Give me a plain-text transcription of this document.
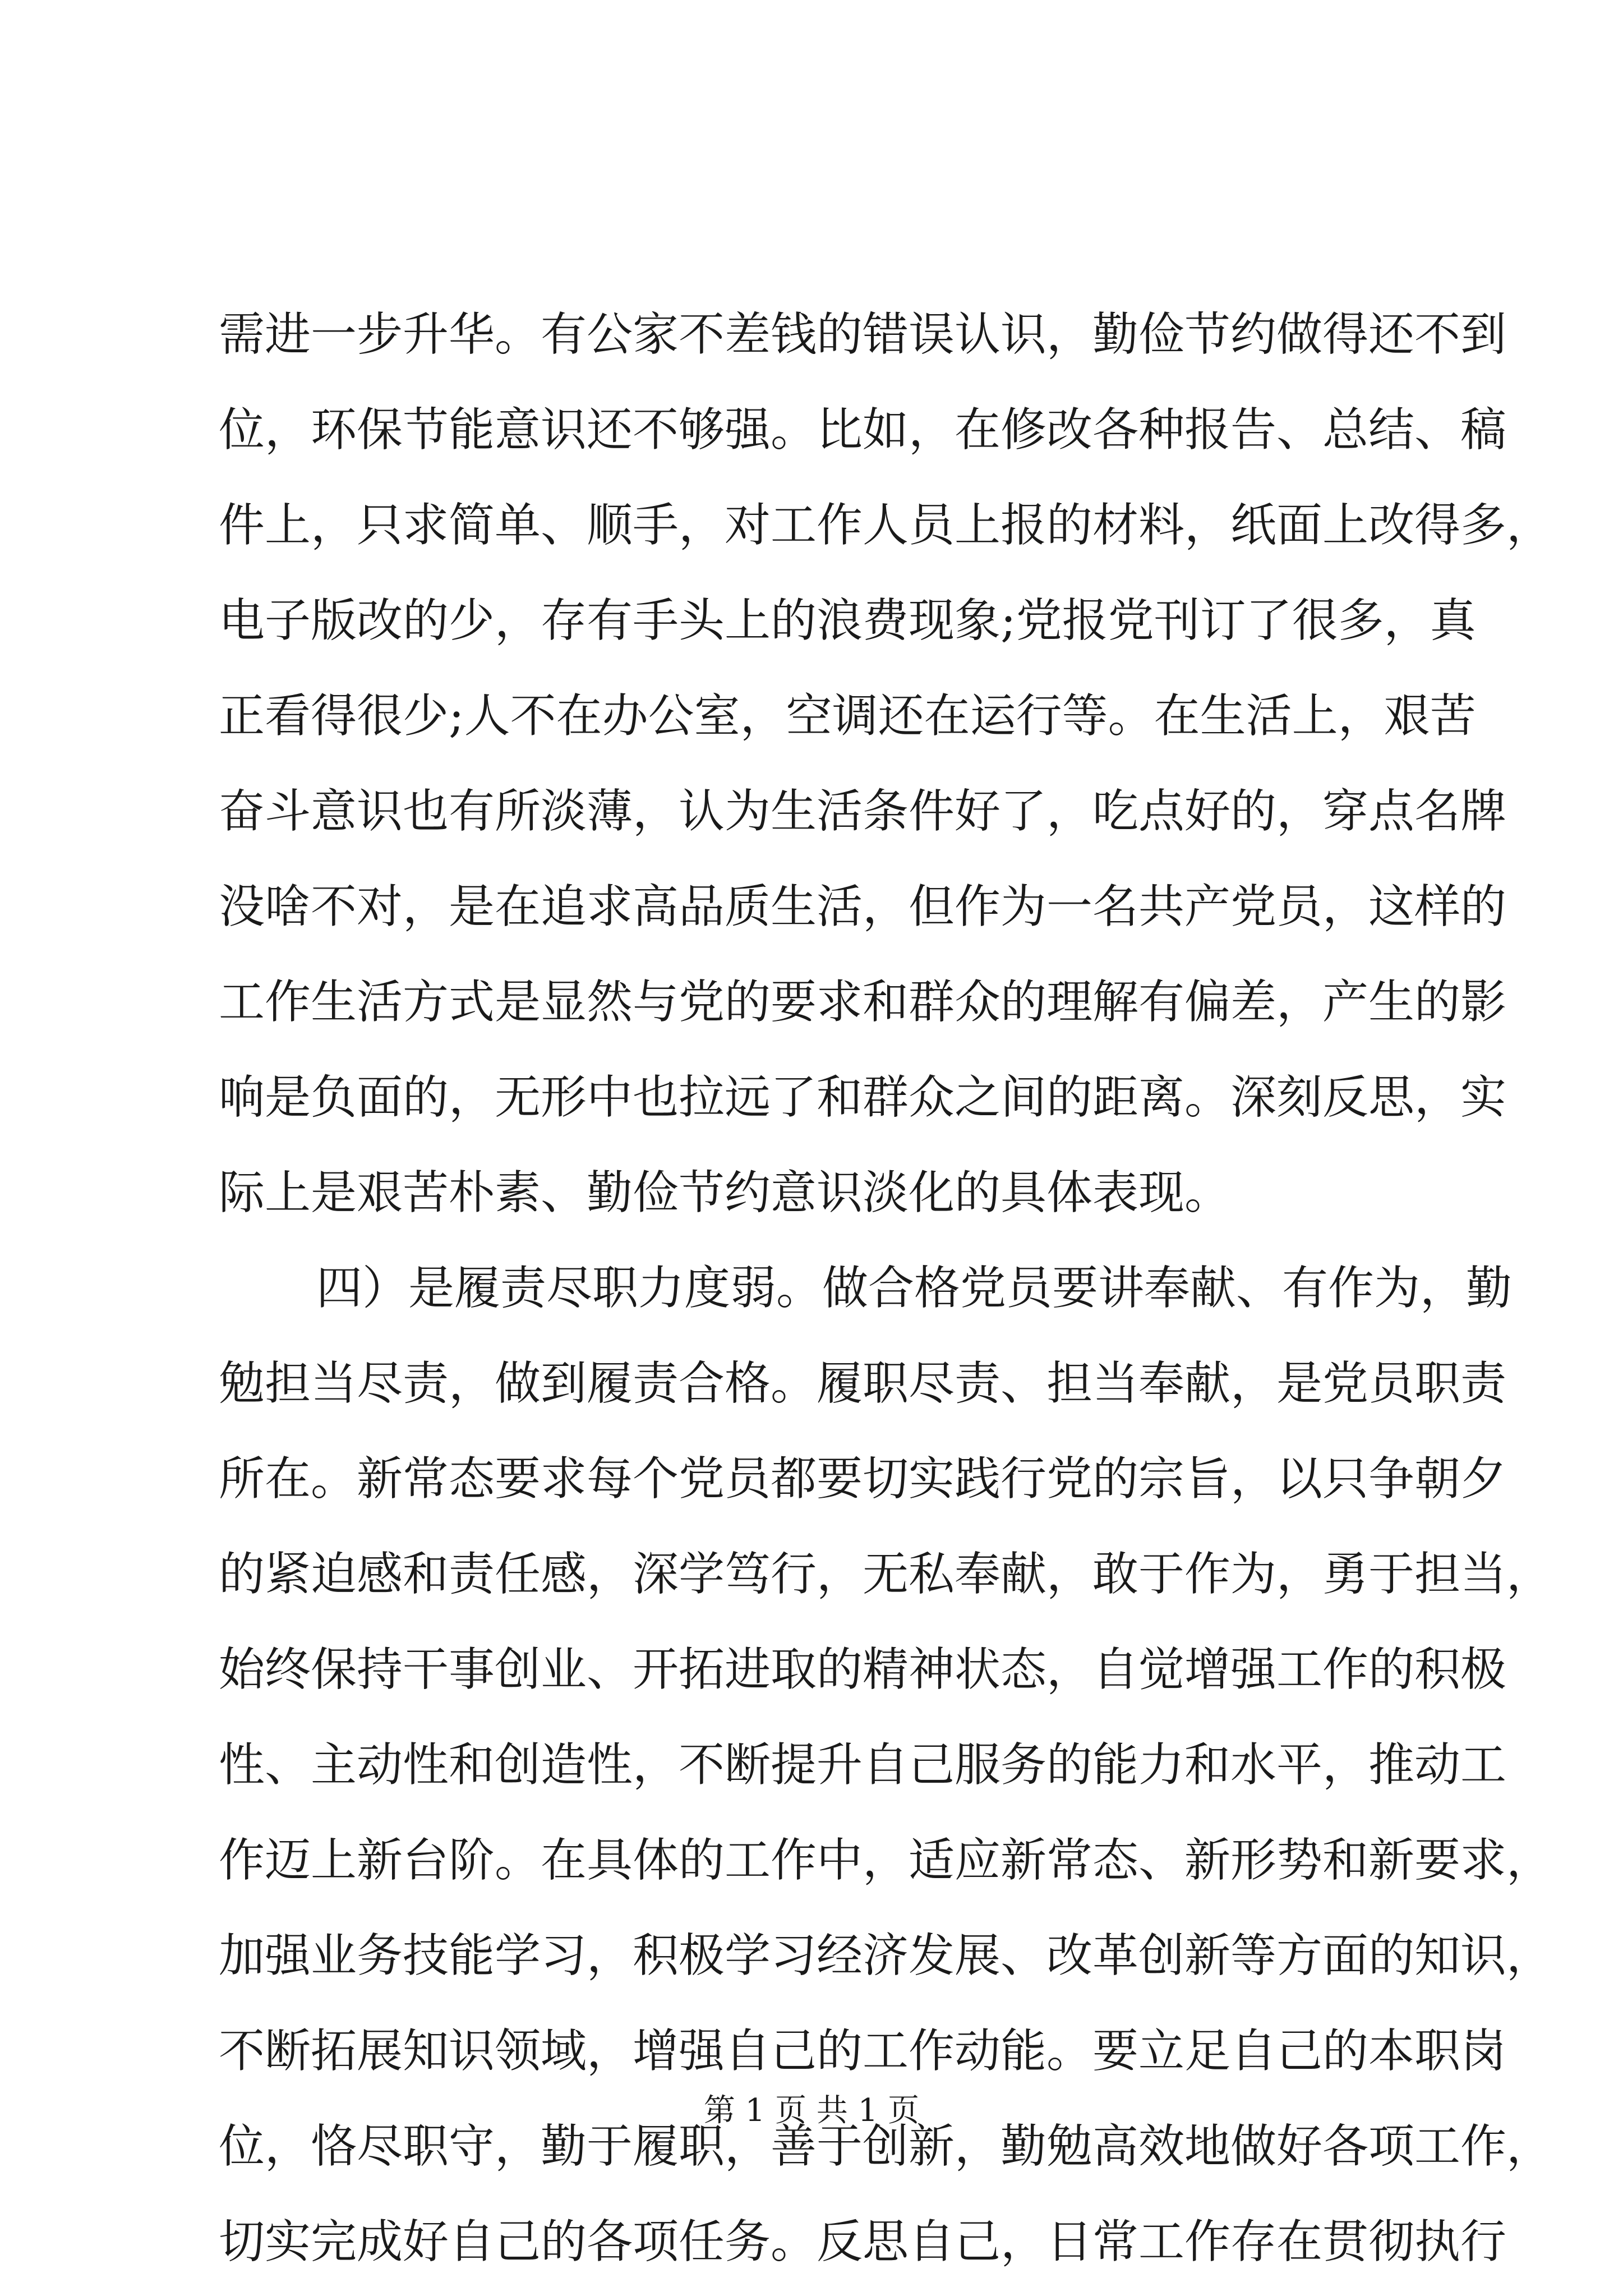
需进一步升华。有公家不差钱的错误认识，勤俭节约做得还不到
位，环保节能意识还不够强。比如，在修改各种报告、总结、稿
件上，只求简单、顺手，对工作人员上报的材料，纸面上改得多，
电子版改的少，存有手头上的浪费现象;党报党刊订了很多，真
正看得很少;人不在办公室，空调还在运行等。在生活上，艰苦
奋斗意识也有所淡薄，认为生活条件好了，吃点好的，穿点名牌
没啥不对，是在追求高品质生活，但作为一名共产党员，这样的
工作生活方式是显然与党的要求和群众的理解有偏差，产生的影
响是负面的，无形中也拉远了和群众之间的距离。深刻反思，实
际上是艰苦朴素、勤俭节约意识淡化的具体表现。
四）是履责尽职力度弱。做合格党员要讲奉献、有作为，勤
勉担当尽责，做到履责合格。履职尽责、担当奉献，是党员职责
所在。新常态要求每个党员都要切实践行党的宗旨，以只争朝夕
的紧迫感和责任感，深学笃行，无私奉献，敢于作为，勇于担当，
始终保持干事创业、开拓进取的精神状态，自觉增强工作的积极
性、主动性和创造性，不断提升自己服务的能力和水平，推动工
作迈上新台阶。在具体的工作中，适应新常态、新形势和新要求，
加强业务技能学习，积极学习经济发展、改革创新等方面的知识，
不断拓展知识领域，增强自己的工作动能。要立足自己的本职岗
位，恪尽职守，勤于履职，善于创新，勤勉高效地做好各项工作，
切实完成好自己的各项任务。反思自己，日常工作存在贯彻执行
第 1 页 共 1 页
